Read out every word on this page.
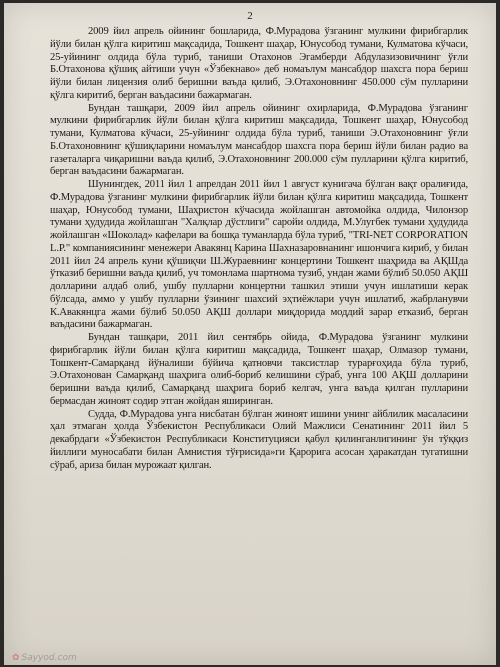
2

2009 йил апрель ойининг бошларида, Ф.Мурадова ўзганинг мулкини фирибгарлик йўли билан қўлга киритиш мақсадида, Тошкент шаҳар, Юнусобод тумани, Кулматова кўчаси, 25-уйининг олдида бўла туриб, таниши Отахонов Эгамберди Абдулазизовичнинг ўғли Б.Отахонова қўшиқ айтиши учун «Ўзбекнаво» деб номаълум мансабдор шахсга пора бериш йўли билан лицензия олиб беришни ваъда қилиб, Э.Отахоновнинг 450.000 сўм пулларини қўлга киритиб, берган ваъдасини бажармаган.

Бундан ташқари, 2009 йил апрель ойининг охирларида, Ф.Мурадова ўзганинг мулкини фирибгарлик йўли билан қўлга киритиш мақсадида, Тошкент шаҳар, Юнусобод тумани, Кулматова кўчаси, 25-уйининг олдида бўла туриб, таниши Э.Отахоновнинг ўғли Б.Отахоновнинг қўшиқларини номаълум мансабдор шахсга пора бериш йўли билан радио ва газеталарга чиқаришни ваъда қилиб, Э.Отахоновнинг 200.000 сўм пулларини қўлга киритиб, берган ваъдасини бажармаган.

Шунингдек, 2011 йил 1 апрелдан 2011 йил 1 август кунигача бўлган вақт оралиғида, Ф.Мурадова ўзганинг мулкини фирибгарлик йўли билан қўлга киритиш мақсадида, Тошкент шаҳар, Юнусобод тумани, Шаҳристон кўчасида жойлашган автомойка олдида, Чилонзор тумани ҳудудида жойлашган "Халқлар дўстлиги" саройи олдида, М.Улугбек тумани ҳудудида жойлашган «Шоколад» кафелари ва бошқа туманларда бўла туриб, "TRI-NET CORPORATION L.P." компаниясининг менежери Авакянц Карина Шахназаровнанинг ишончига кириб, у билан 2011 йил 24 апрель куни қўшиқчи Ш.Жураевнинг концертини Тошкент шаҳрида ва АҚШда ўтказиб беришни ваъда қилиб, уч томонлама шартнома тузиб, ундан жами бўлиб 50.050 АҚШ долларини алдаб олиб, ушбу пулларни концертни ташкил этиши учун ишлатиши керак бўлсада, аммо у ушбу пулларни ўзининг шахсий эҳтиёжлари учун ишлатиб, жабрланувчи К.Авакянцга жами бўлиб 50.050 АҚШ доллари миқдорида моддий зарар етказиб, берган ваъдасини бажармаган.

Бундан ташқари, 2011 йил сентябрь ойида, Ф.Мурадова ўзганинг мулкини фирибгарлик йўли билан қўлга киритиш мақсадида, Тошкент шаҳар, Олмазор тумани, Тошкент-Самарқанд йўналиши бўйича қатновчи таксистлар турарғоҳида бўла туриб, Э.Отахонован Самарқанд шаҳрига олиб-бориб келишини сўраб, унга 100 АҚШ долларини беришни ваъда қилиб, Самарқанд шаҳрига бориб келгач, унга ваъда қилган пулларини бермасдан жиноят содир этган жойдан яширинган.

Судда, Ф.Мурадова унга нисбатан бўлган жиноят ишини унинг айблилик масаласини ҳал этмаган ҳолда Ўзбекистон Республикаси Олий Мажлиси Сенатининг 2011 йил 5 декабрдаги «Ўзбекистон Республикаси Конституцияси қабул қилинганлигининг ўн тўққиз йиллиги муносабати билан Амнистия тўғрисида»ги Қарорига асосан ҳаракатдан тугатишни сўраб, ариза билан мурожаат қилган.

✿ Sayyod.com
